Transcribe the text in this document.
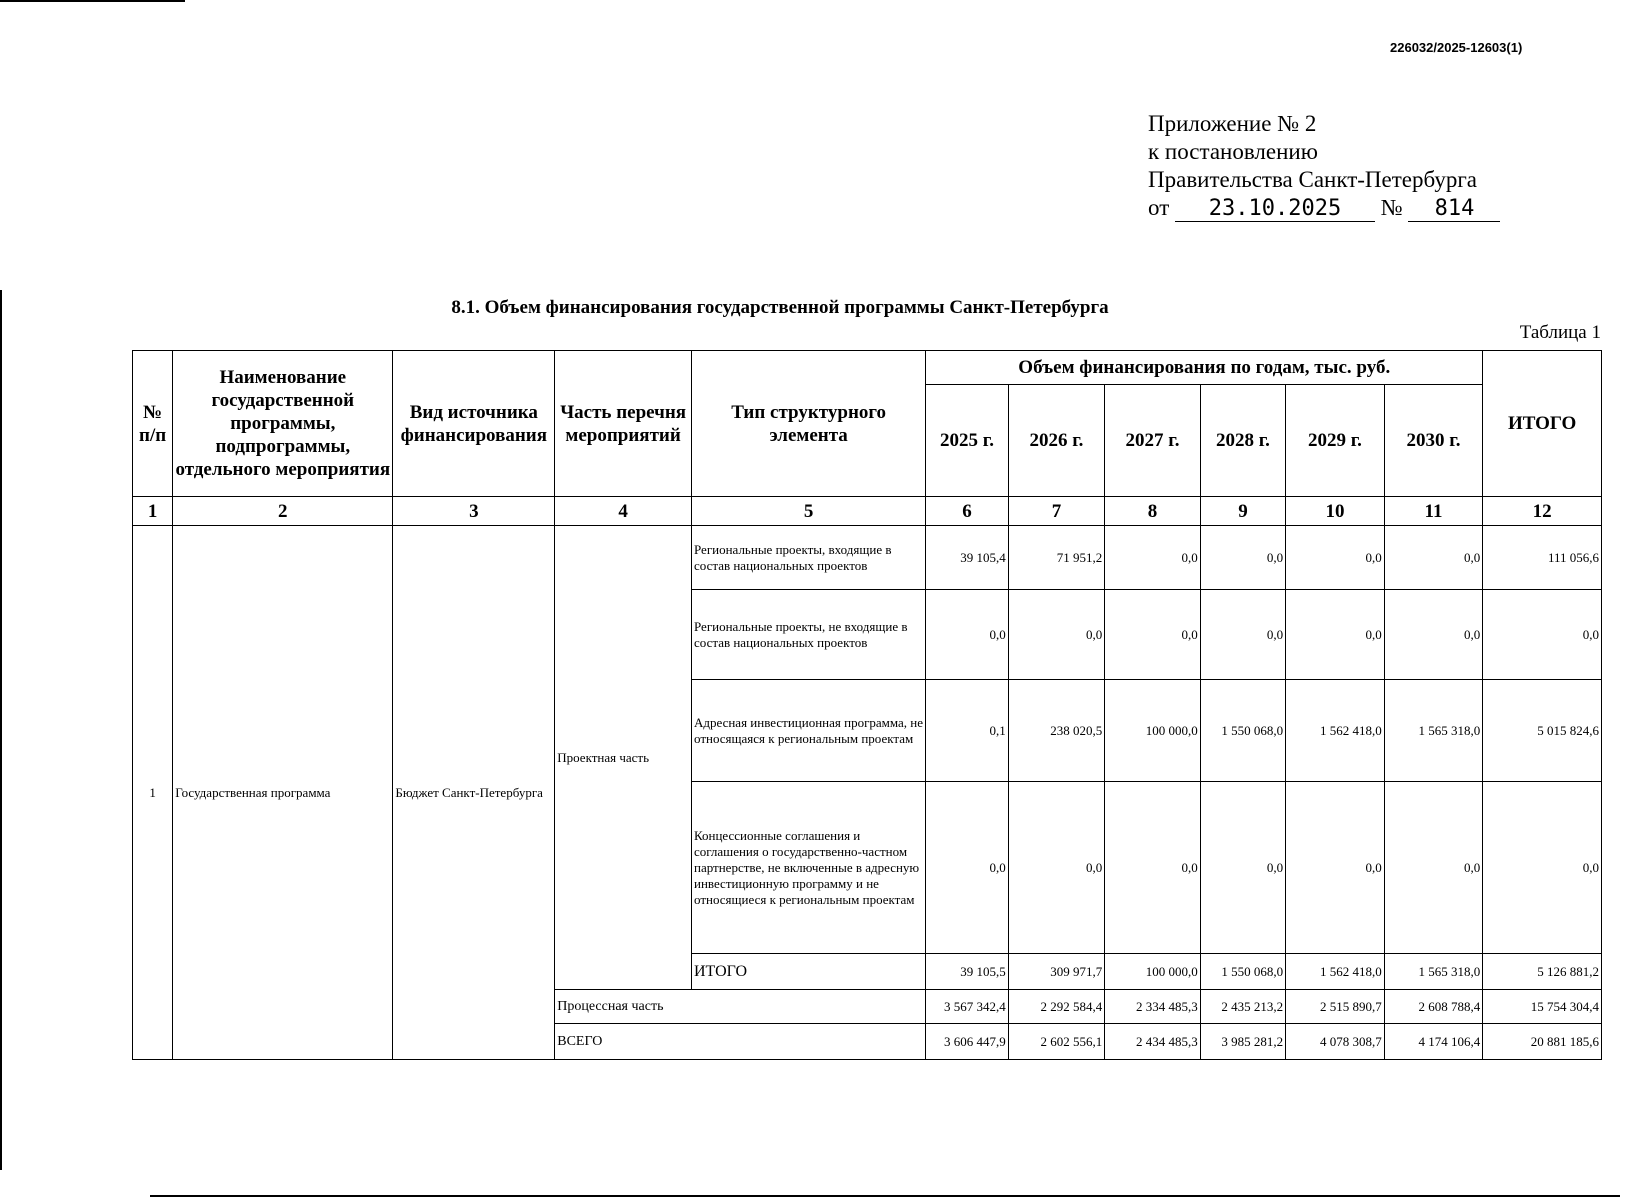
226032/2025-12603(1)
Приложение № 2
к постановлению
Правительства Санкт-Петербурга
от 23.10.2025 № 814
8.1. Объем финансирования государственной программы Санкт-Петербурга
Таблица 1
№ п/п	Наименование государственной программы, подпрограммы, отдельного мероприятия	Вид источника финансирования	Часть перечня мероприятий	Тип структурного элемента	Объем финансирования по годам, тыс. руб.						ИТОГО
					2025 г.	2026 г.	2027 г.	2028 г.	2029 г.	2030 г.	
1	2	3	4	5	6	7	8	9	10	11	12
1	Государственная программа	Бюджет Санкт-Петербурга	Проектная часть	Региональные проекты, входящие в состав национальных проектов	39 105,4	71 951,2	0,0	0,0	0,0	0,0	111 056,6
				Региональные проекты, не входящие в состав национальных проектов	0,0	0,0	0,0	0,0	0,0	0,0	0,0
				Адресная инвестиционная программа, не относящаяся к региональным проектам	0,1	238 020,5	100 000,0	1 550 068,0	1 562 418,0	1 565 318,0	5 015 824,6
				Концессионные соглашения и соглашения о государственно-частном партнерстве, не включенные в адресную инвестиционную программу и не относящиеся к региональным проектам	0,0	0,0	0,0	0,0	0,0	0,0	0,0
				ИТОГО	39 105,5	309 971,7	100 000,0	1 550 068,0	1 562 418,0	1 565 318,0	5 126 881,2
			Процессная часть		3 567 342,4	2 292 584,4	2 334 485,3	2 435 213,2	2 515 890,7	2 608 788,4	15 754 304,4
			ВСЕГО		3 606 447,9	2 602 556,1	2 434 485,3	3 985 281,2	4 078 308,7	4 174 106,4	20 881 185,6
